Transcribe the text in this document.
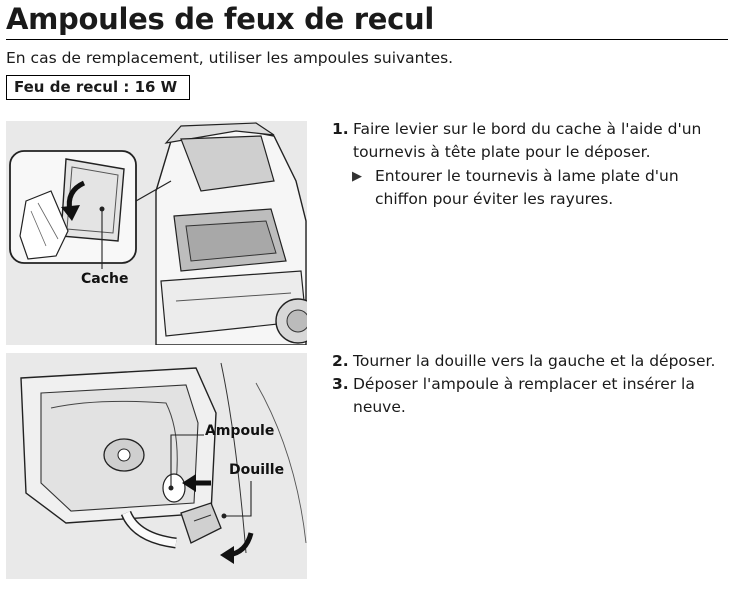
Ampoules de feux de recul
En cas de remplacement, utiliser les ampoules suivantes.
Feu de recul : 16 W
Cache
Ampoule
Douille
1. Faire levier sur le bord du cache à l'aide d'un tournevis à tête plate pour le déposer.
▶ Entourer le tournevis à lame plate d'un chiffon pour éviter les rayures.
2. Tourner la douille vers la gauche et la déposer.
3. Déposer l'ampoule à remplacer et insérer la neuve.
